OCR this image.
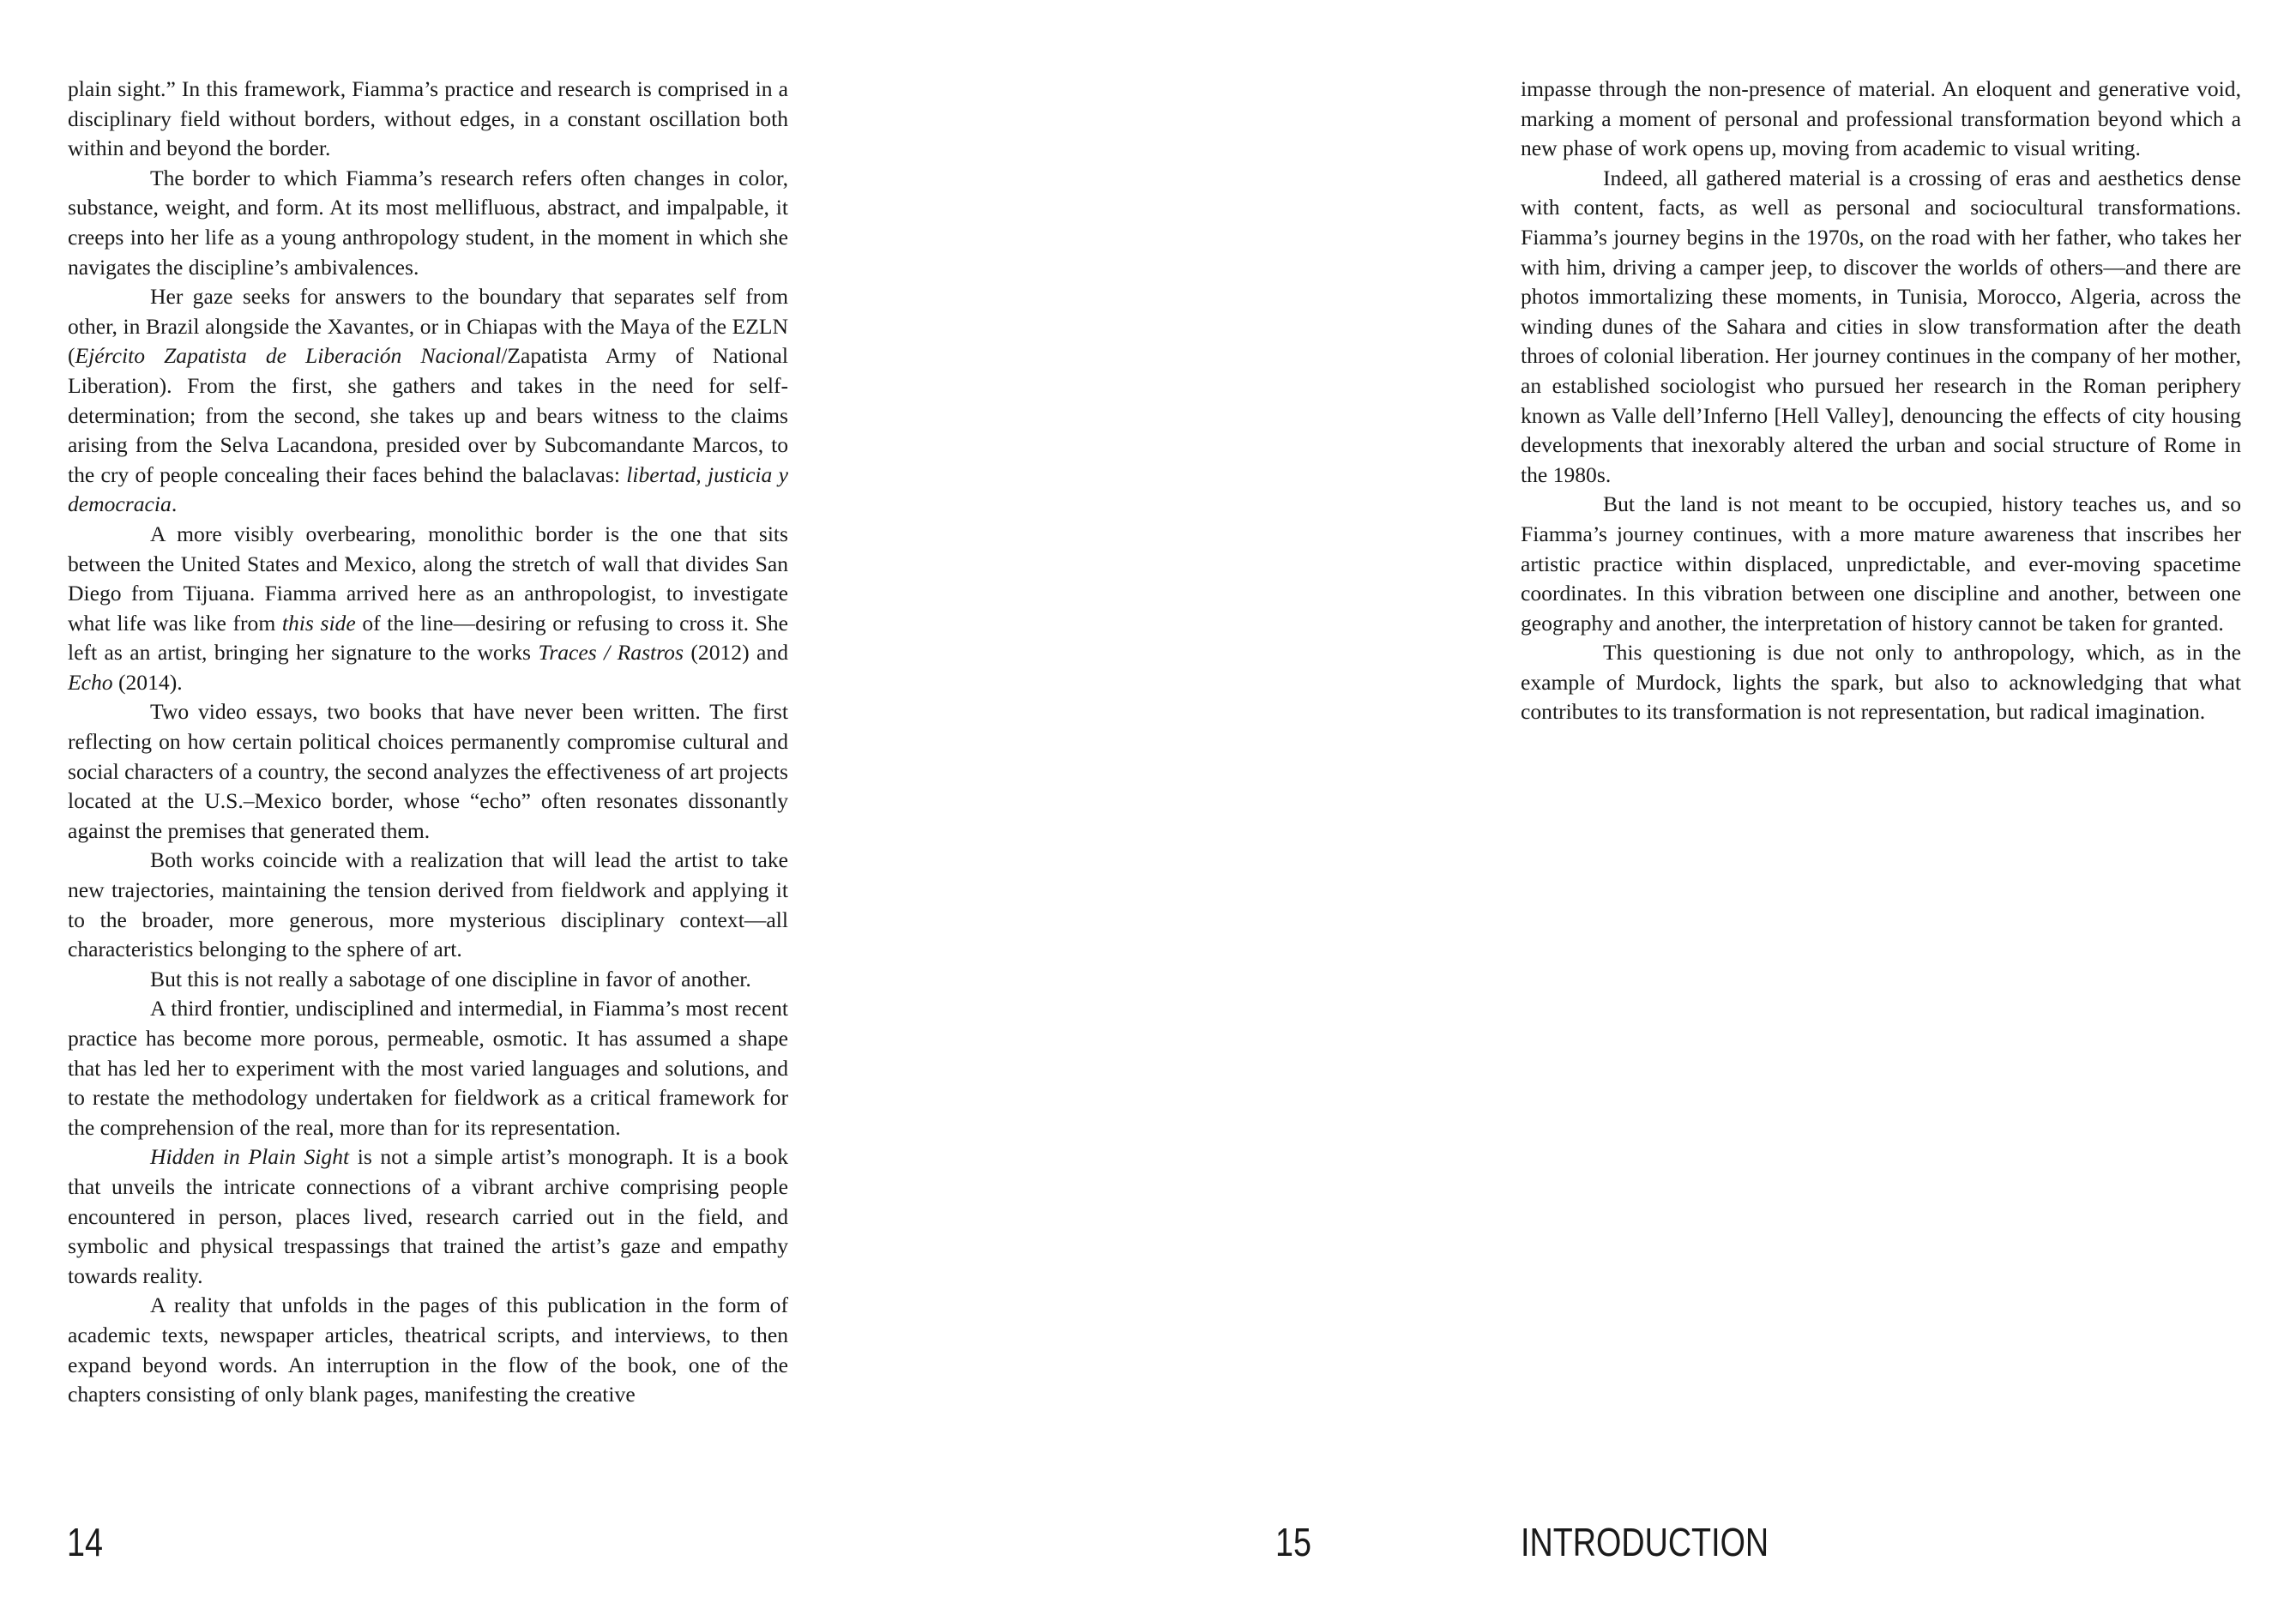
plain sight.” In this framework, Fiamma’s practice and research is comprised in a disciplinary field without borders, without edges, in a constant oscillation both within and beyond the border.

The border to which Fiamma’s research refers often changes in color, substance, weight, and form. At its most mellifluous, abstract, and impalpable, it creeps into her life as a young anthropology student, in the moment in which she navigates the discipline’s ambivalences.

Her gaze seeks for answers to the boundary that separates self from other, in Brazil alongside the Xavantes, or in Chiapas with the Maya of the EZLN (Ejército Zapatista de Liberación Nacional/Zapatista Army of National Liberation). From the first, she gathers and takes in the need for self-determination; from the second, she takes up and bears witness to the claims arising from the Selva Lacandona, presided over by Subcomandante Marcos, to the cry of people concealing their faces behind the balaclavas: libertad, justicia y democracia.

A more visibly overbearing, monolithic border is the one that sits between the United States and Mexico, along the stretch of wall that divides San Diego from Tijuana. Fiamma arrived here as an anthropologist, to investigate what life was like from this side of the line—desiring or refusing to cross it. She left as an artist, bringing her signature to the works Traces / Rastros (2012) and Echo (2014).

Two video essays, two books that have never been written. The first reflecting on how certain political choices permanently compromise cultural and social characters of a country, the second analyzes the effectiveness of art projects located at the U.S.–Mexico border, whose “echo” often resonates dissonantly against the premises that generated them.

Both works coincide with a realization that will lead the artist to take new trajectories, maintaining the tension derived from fieldwork and applying it to the broader, more generous, more mysterious disciplinary context—all characteristics belonging to the sphere of art.

But this is not really a sabotage of one discipline in favor of another.

A third frontier, undisciplined and intermedial, in Fiamma’s most recent practice has become more porous, permeable, osmotic. It has assumed a shape that has led her to experiment with the most varied languages and solutions, and to restate the methodology undertaken for fieldwork as a critical framework for the comprehension of the real, more than for its representation.

Hidden in Plain Sight is not a simple artist’s monograph. It is a book that unveils the intricate connections of a vibrant archive comprising people encountered in person, places lived, research carried out in the field, and symbolic and physical trespassings that trained the artist’s gaze and empathy towards reality.

A reality that unfolds in the pages of this publication in the form of academic texts, newspaper articles, theatrical scripts, and interviews, to then expand beyond words. An interruption in the flow of the book, one of the chapters consisting of only blank pages, manifesting the creative

14	15

impasse through the non-presence of material. An eloquent and generative void, marking a moment of personal and professional transformation beyond which a new phase of work opens up, moving from academic to visual writing.

Indeed, all gathered material is a crossing of eras and aesthetics dense with content, facts, as well as personal and sociocultural transformations. Fiamma’s journey begins in the 1970s, on the road with her father, who takes her with him, driving a camper jeep, to discover the worlds of others—and there are photos immortalizing these moments, in Tunisia, Morocco, Algeria, across the winding dunes of the Sahara and cities in slow transformation after the death throes of colonial liberation. Her journey continues in the company of her mother, an established sociologist who pursued her research in the Roman periphery known as Valle dell’Inferno [Hell Valley], denouncing the effects of city housing developments that inexorably altered the urban and social structure of Rome in the 1980s.

But the land is not meant to be occupied, history teaches us, and so Fiamma’s journey continues, with a more mature awareness that inscribes her artistic practice within displaced, unpredictable, and ever-moving spacetime coordinates. In this vibration between one discipline and another, between one geography and another, the interpretation of history cannot be taken for granted.

This questioning is due not only to anthropology, which, as in the example of Murdock, lights the spark, but also to acknowledging that what contributes to its transformation is not representation, but radical imagination.

INTRODUCTION
